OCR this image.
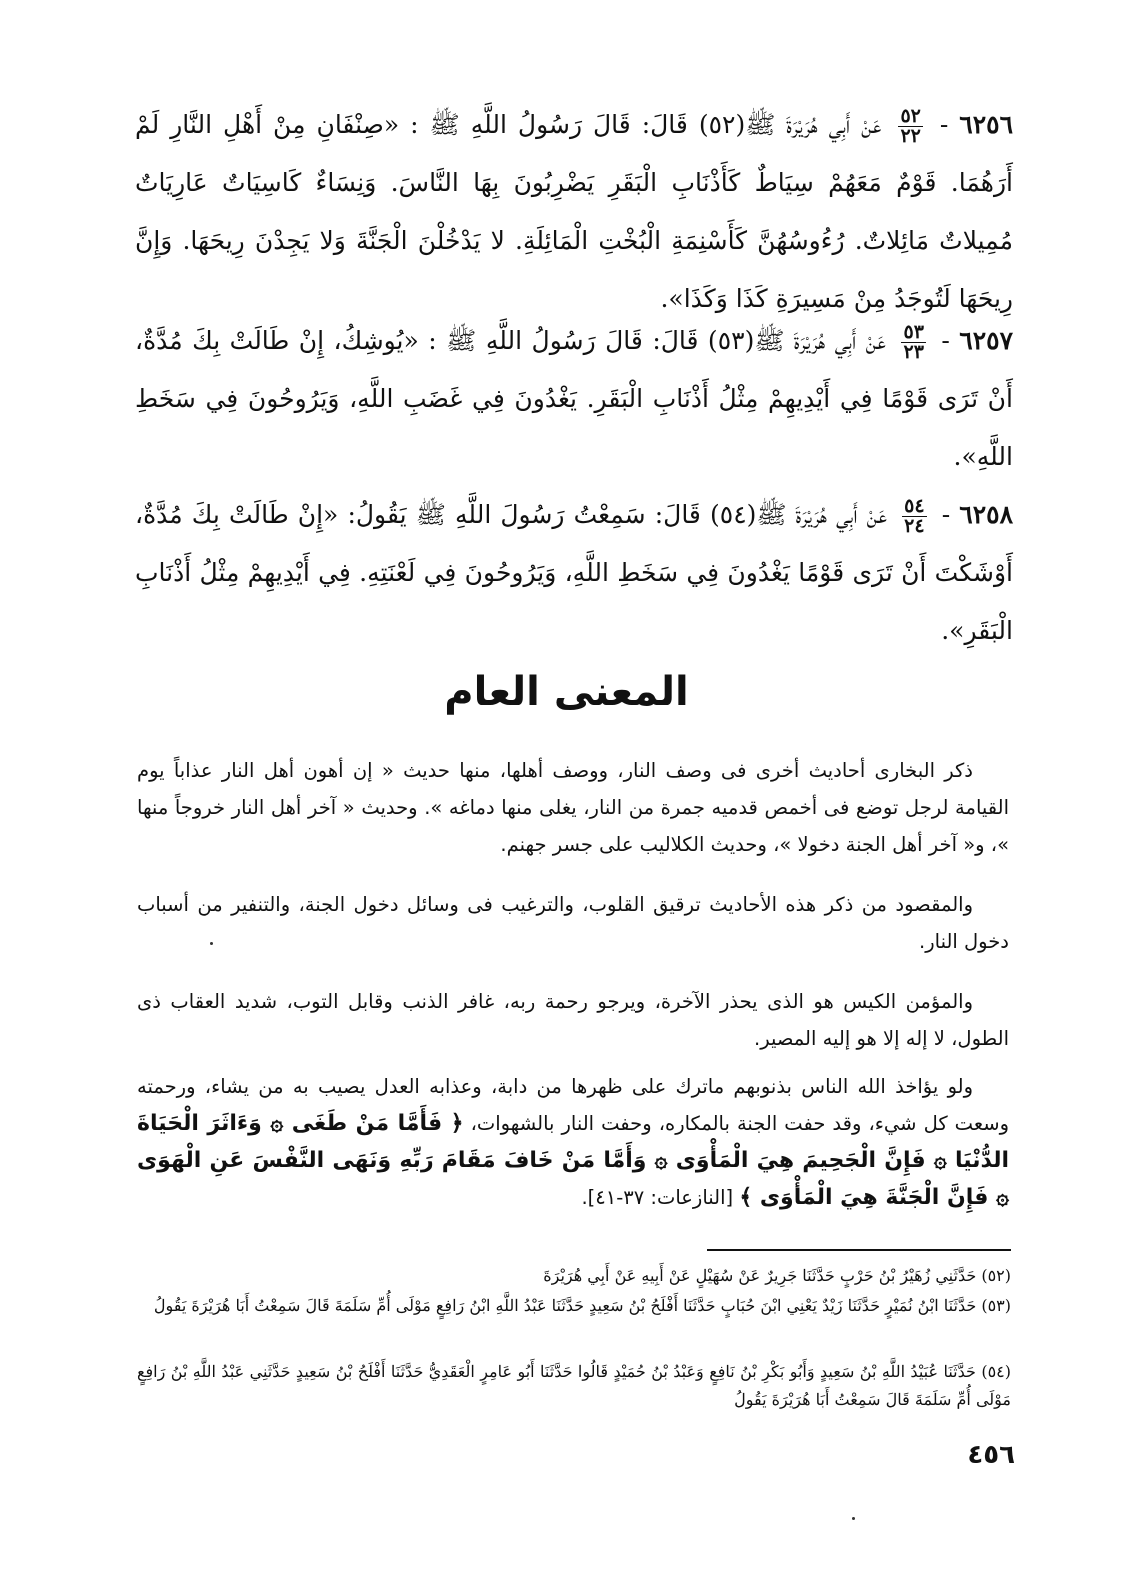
٦٢٥٦ -
$\frac{٥٢}{٢٢}$
عَنْ أَبِي هُرَيْرَةَ ﷺ(٥٢) قَالَ: قَالَ رَسُولُ اللَّهِ ﷺ : «صِنْفَانِ مِنْ أَهْلِ النَّارِ لَمْ أَرَهُمَا. قَوْمٌ مَعَهُمْ سِيَاطٌ كَأَذْنَابِ الْبَقَرِ يَضْرِبُونَ بِهَا النَّاسَ. وَنِسَاءٌ كَاسِيَاتٌ عَارِيَاتٌ مُمِيلاتٌ مَائِلاتٌ. رُءُوسُهُنَّ كَأَسْنِمَةِ الْبُخْتِ الْمَائِلَةِ. لا يَدْخُلْنَ الْجَنَّةَ وَلا يَجِدْنَ رِيحَهَا. وَإِنَّ رِيحَهَا لَتُوجَدُ مِنْ مَسِيرَةِ كَذَا وَكَذَا».
٦٢٥٧ -
$\frac{٥٣}{٢٣}$
عَنْ أَبِي هُرَيْرَةَ ﷺ(٥٣) قَالَ: قَالَ رَسُولُ اللَّهِ ﷺ : «يُوشِكُ، إِنْ طَالَتْ بِكَ مُدَّةٌ، أَنْ تَرَى قَوْمًا فِي أَيْدِيهِمْ مِثْلُ أَذْنَابِ الْبَقَرِ. يَغْدُونَ فِي غَضَبِ اللَّهِ، وَيَرُوحُونَ فِي سَخَطِ اللَّهِ».
٦٢٥٨ -
$\frac{٥٤}{٢٤}$
عَنْ أَبِي هُرَيْرَةَ ﷺ(٥٤) قَالَ: سَمِعْتُ رَسُولَ اللَّهِ ﷺ يَقُولُ: «إِنْ طَالَتْ بِكَ مُدَّةٌ، أَوْشَكْتَ أَنْ تَرَى قَوْمًا يَغْدُونَ فِي سَخَطِ اللَّهِ، وَيَرُوحُونَ فِي لَعْنَتِهِ. فِي أَيْدِيهِمْ مِثْلُ أَذْنَابِ الْبَقَرِ».
المعنى العام

ذكر البخارى أحاديث أخرى فى وصف النار، ووصف أهلها، منها حديث « إن أهون أهل النار عذاباً يوم القيامة لرجل توضع فى أخمص قدميه جمرة من النار، يغلى منها دماغه ». وحديث « آخر أهل النار خروجاً منها »، و« آخر أهل الجنة دخولا »، وحديث الكلاليب على جسر جهنم.

والمقصود من ذكر هذه الأحاديث ترقيق القلوب، والترغيب فى وسائل دخول الجنة، والتنفير من أسباب دخول النار.

والمؤمن الكيس هو الذى يحذر الآخرة، ويرجو رحمة ربه، غافر الذنب وقابل التوب، شديد العقاب ذى الطول، لا إله إلا هو إليه المصير.

ولو يؤاخذ الله الناس بذنوبهم ماترك على ظهرها من دابة، وعذابه العدل يصيب به من يشاء، ورحمته وسعت كل شيء، وقد حفت الجنة بالمكاره، وحفت النار بالشهوات، ﴿ فَأَمَّا مَنْ طَغَى ۞ وَءَاثَرَ الْحَيَاةَ الدُّنْيَا ۞ فَإِنَّ الْجَحِيمَ هِيَ الْمَأْوَى ۞ وَأَمَّا مَنْ خَافَ مَقَامَ رَبِّهِ وَنَهَى النَّفْسَ عَنِ الْهَوَى ۞ فَإِنَّ الْجَنَّةَ هِيَ الْمَأْوَى ﴾ [النازعات: ٣٧-٤١].

(٥٢) حَدَّثَنِي زُهَيْرُ بْنُ حَرْبٍ حَدَّثَنَا جَرِيرٌ عَنْ سُهَيْلٍ عَنْ أَبِيهِ عَنْ أَبِي هُرَيْرَةَ

(٥٣) حَدَّثَنَا ابْنُ نُمَيْرٍ حَدَّثَنَا زَيْدٌ يَعْنِي ابْنَ حُبَابٍ حَدَّثَنَا أَفْلَحُ بْنُ سَعِيدٍ حَدَّثَنَا عَبْدُ اللَّهِ ابْنُ رَافِعٍ مَوْلَى أُمِّ سَلَمَةَ قَالَ سَمِعْتُ أَبَا هُرَيْرَةَ يَقُولُ

(٥٤) حَدَّثَنَا عُبَيْدُ اللَّهِ بْنُ سَعِيدٍ وَأَبُو بَكْرِ بْنُ نَافِعٍ وَعَبْدُ بْنُ حُمَيْدٍ قَالُوا حَدَّثَنَا أَبُو عَامِرٍ الْعَقَدِيُّ حَدَّثَنَا أَفْلَحُ بْنُ سَعِيدٍ حَدَّثَنِي عَبْدُ اللَّهِ بْنُ رَافِعٍ مَوْلَى أُمِّ سَلَمَةَ قَالَ سَمِعْتُ أَبَا هُرَيْرَةَ يَقُولُ

٤٥٦
